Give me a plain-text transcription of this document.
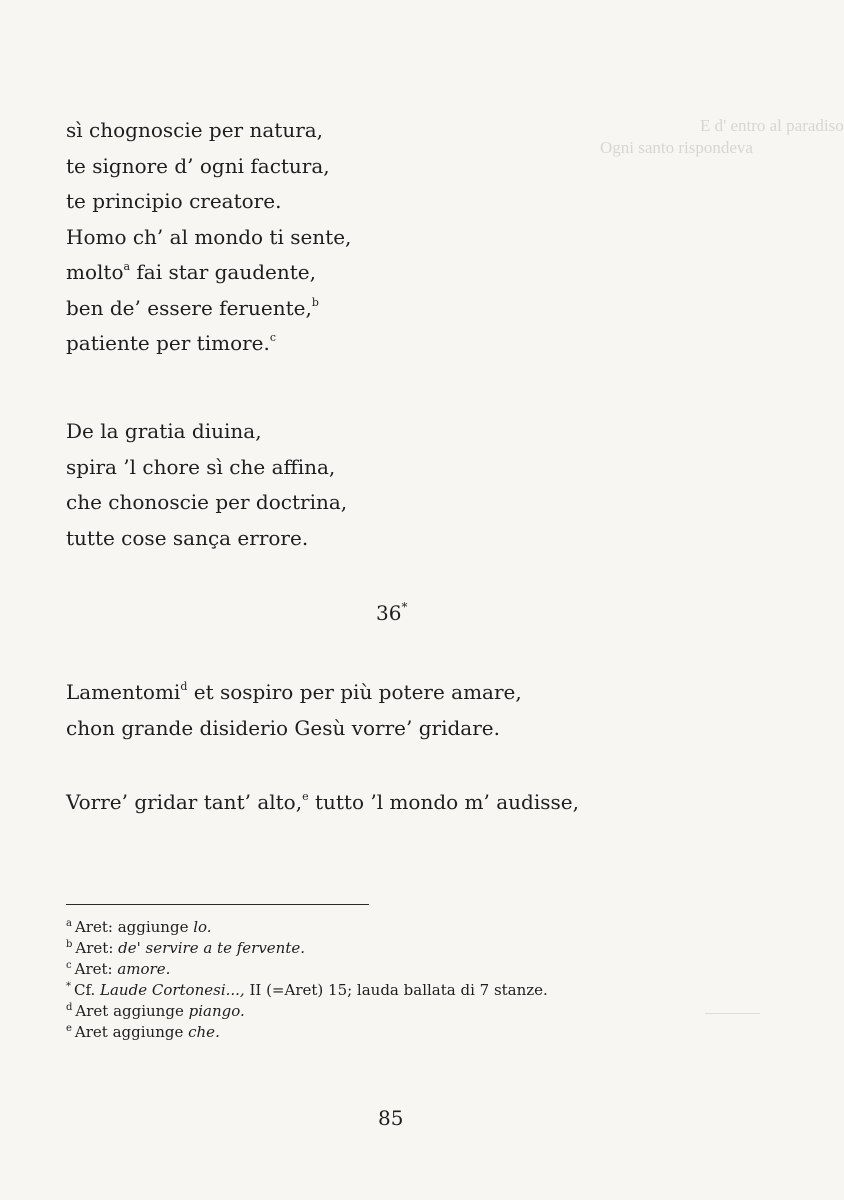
E d' entro al paradiso

Ogni santo rispondeva

sì chognoscie per natura,
te signore d’ ogni factura,
te principio creatore.
Homo ch’ al mondo ti sente,
molto$^a$ fai star gaudente,
ben de’ essere feruente,$^b$
patiente per timore.$^c$
De la gratia diuina,
spira ’l chore sì che affina,
che chonoscie per doctrina,
tutte cose sança errore.
36*
Lamentomi$^d$ et sospiro per più potere amare,
chon grande disiderio Gesù vorre’ gridare.
Vorre’ gridar tant’ alto,$^e$ tutto ’l mondo m’ audisse,
$^a$ Aret: aggiunge lo.
$^b$ Aret: de' servire a te fervente.
$^c$ Aret: amore.
* Cf. Laude Cortonesi..., II (=Aret) 15; lauda ballata di 7 stanze.
$^d$ Aret aggiunge piango.
$^e$ Aret aggiunge che.
85
